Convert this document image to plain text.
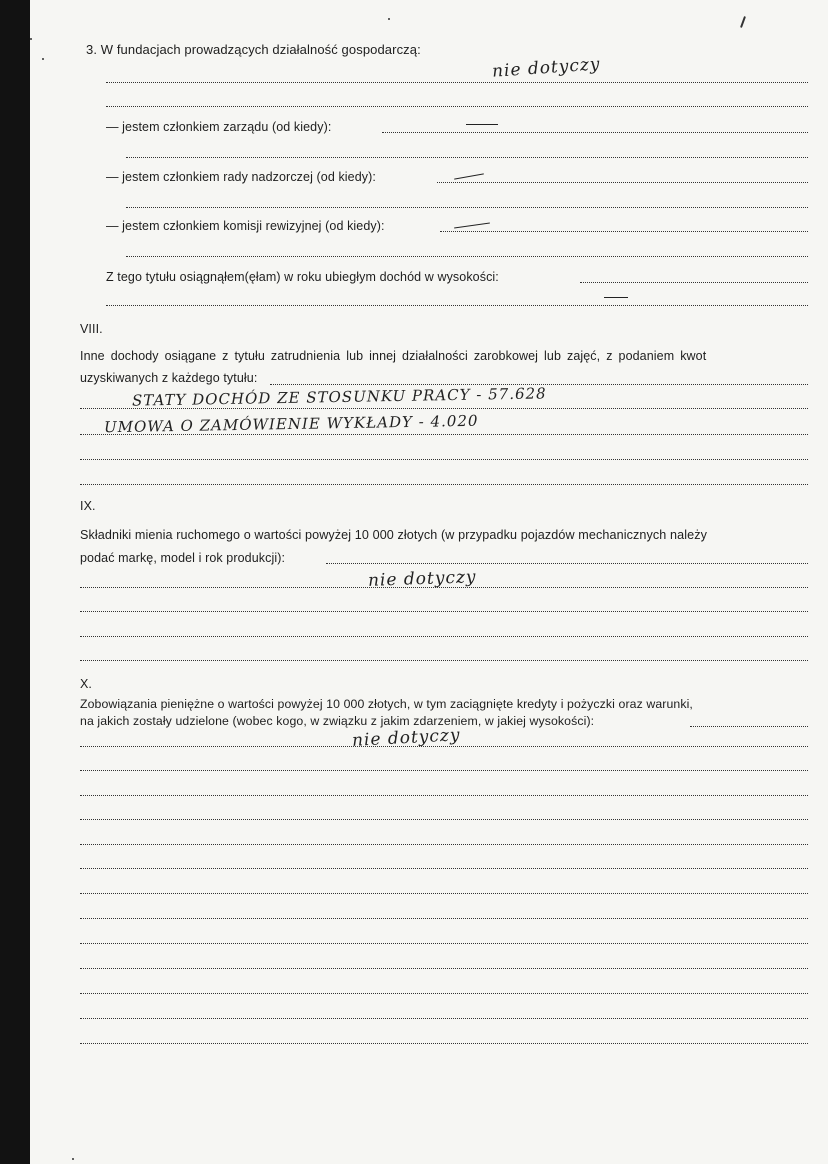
3. W fundacjach prowadzących działalność gospodarczą:
nie dotyczy
— jestem członkiem zarządu (od kiedy):
— jestem członkiem rady nadzorczej (od kiedy):
— jestem członkiem komisji rewizyjnej (od kiedy):
Z tego tytułu osiągnąłem(ęłam) w roku ubiegłym dochód w wysokości:
VIII.
Inne dochody osiągane z tytułu zatrudnienia lub innej działalności zarobkowej lub zajęć, z podaniem kwot
uzyskiwanych z każdego tytułu:
STATY DOCHÓD ZE STOSUNKU PRACY - 57.628
UMOWA O ZAMÓWIENIE WYKŁADY - 4.020
IX.
Składniki mienia ruchomego o wartości powyżej 10 000 złotych (w przypadku pojazdów mechanicznych należy
podać markę, model i rok produkcji):
nie dotyczy
X.
Zobowiązania pieniężne o wartości powyżej 10 000 złotych, w tym zaciągnięte kredyty i pożyczki oraz warunki,
na jakich zostały udzielone (wobec kogo, w związku z jakim zdarzeniem, w jakiej wysokości):
nie dotyczy
